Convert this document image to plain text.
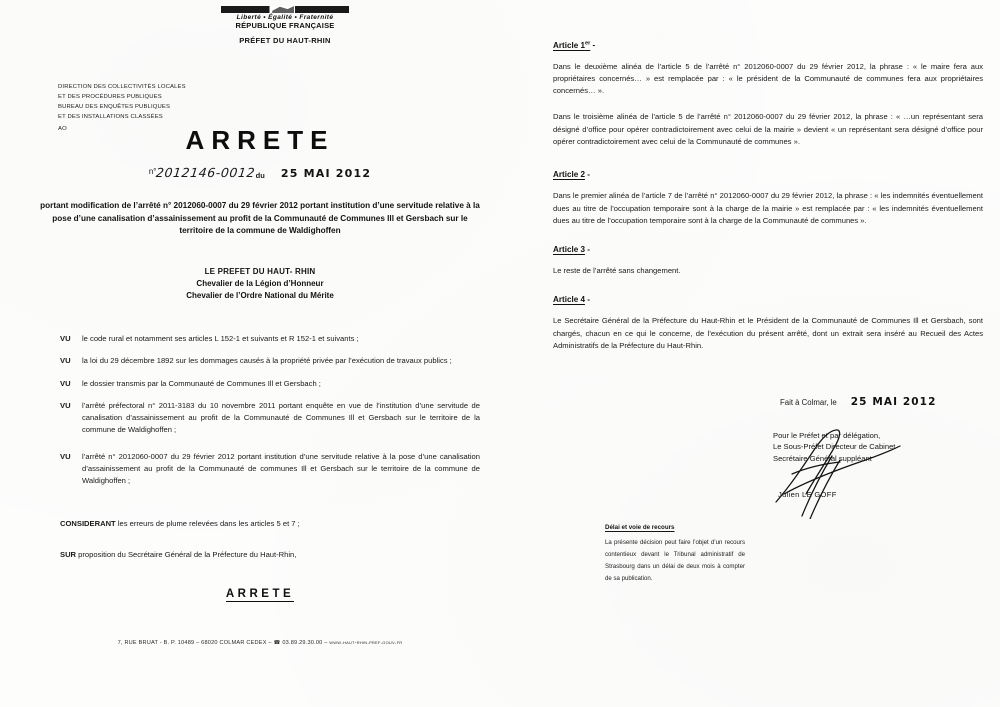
Liberté • Égalité • Fraternité
RÉPUBLIQUE FRANÇAISE
PRÉFET DU HAUT-RHIN
DIRECTION DES COLLECTIVITÉS LOCALES
ET DES PROCÉDURES PUBLIQUES
BUREAU DES ENQUÊTES PUBLIQUES
ET DES INSTALLATIONS CLASSÉES
AO	ARRETE
n°2012146-0012du 25 MAI 2012
portant modification de l’arrêté n° 2012060-0007 du 29 février 2012 portant institution d’une servitude relative à la pose d’une canalisation d’assainissement au profit de la Communauté de Communes Ill et Gersbach sur le territoire de la commune de Waldighoffen
LE PREFET DU HAUT- RHIN
Chevalier de la Légion d’Honneur
Chevalier de l’Ordre National du Mérite
VU	le code rural et notamment ses articles L 152-1 et suivants et R 152-1 et suivants ;
VU	la loi du 29 décembre 1892 sur les dommages causés à la propriété privée par l’exécution de travaux publics ;
VU	le dossier transmis par la Communauté de Communes Ill et Gersbach ;
VU	l’arrêté préfectoral n° 2011-3183 du 10 novembre 2011 portant enquête en vue de l’institution d’une servitude de canalisation d’assainissement au profit de la Communauté de Communes Ill et Gersbach sur le territoire de la commune de Waldighoffen ;
VU	l’arrêté n° 2012060-0007 du 29 février 2012 portant institution d’une servitude relative à la pose d’une canalisation d’assainissement au profit de la Communauté de communes Ill et Gersbach sur le territoire de la commune de Waldighoffen ;
CONSIDERANT les erreurs de plume relevées dans les articles 5 et 7 ;
SUR proposition du Secrétaire Général de la Préfecture du Haut-Rhin,
ARRETE
7, RUE BRUAT - B. P. 10489 – 68020 COLMAR CEDEX – ☎ 03.89.29.30.00 – www.haut-rhin.pref.gouv.fr
Article 1er -
Dans le deuxième alinéa de l’article 5 de l’arrêté n° 2012060-0007 du 29 février 2012, la phrase : « le maire fera aux propriétaires concernés… » est remplacée par : « le président de la Communauté de communes fera aux propriétaires concernés… ».
Dans le troisième alinéa de l’article 5 de l’arrêté n° 2012060-0007 du 29 février 2012, la phrase : « …un représentant sera désigné d’office pour opérer contradictoirement avec celui de la mairie » devient « un représentant sera désigné d’office pour opérer contradictoirement avec celui de la Communauté de communes ».
Article 2 -
Dans le premier alinéa de l’article 7 de l’arrêté n° 2012060-0007 du 29 février 2012, la phrase : « les indemnités éventuellement dues au titre de l’occupation temporaire sont à la charge de la mairie » est remplacée par : « les indemnités éventuellement dues au titre de l’occupation temporaire sont à la charge de la Communauté de communes ».
Article 3 -
Le reste de l’arrêté sans changement.
Article 4 -
Le Secrétaire Général de la Préfecture du Haut-Rhin et le Président de la Communauté de Communes Ill et Gersbach, sont chargés, chacun en ce qui le concerne, de l’exécution du présent arrêté, dont un extrait sera inséré au Recueil des Actes Administratifs de la Préfecture du Haut-Rhin.
Fait à Colmar, le 25 MAI 2012
Pour le Préfet et par délégation,
Le Sous-Préfet Directeur de Cabinet
Secrétaire Général suppléant
Julien LE GOFF
Délai et voie de recours
La présente décision peut faire l’objet d’un recours contentieux devant le Tribunal administratif de Strasbourg dans un délai de deux mois à compter de sa publication.
